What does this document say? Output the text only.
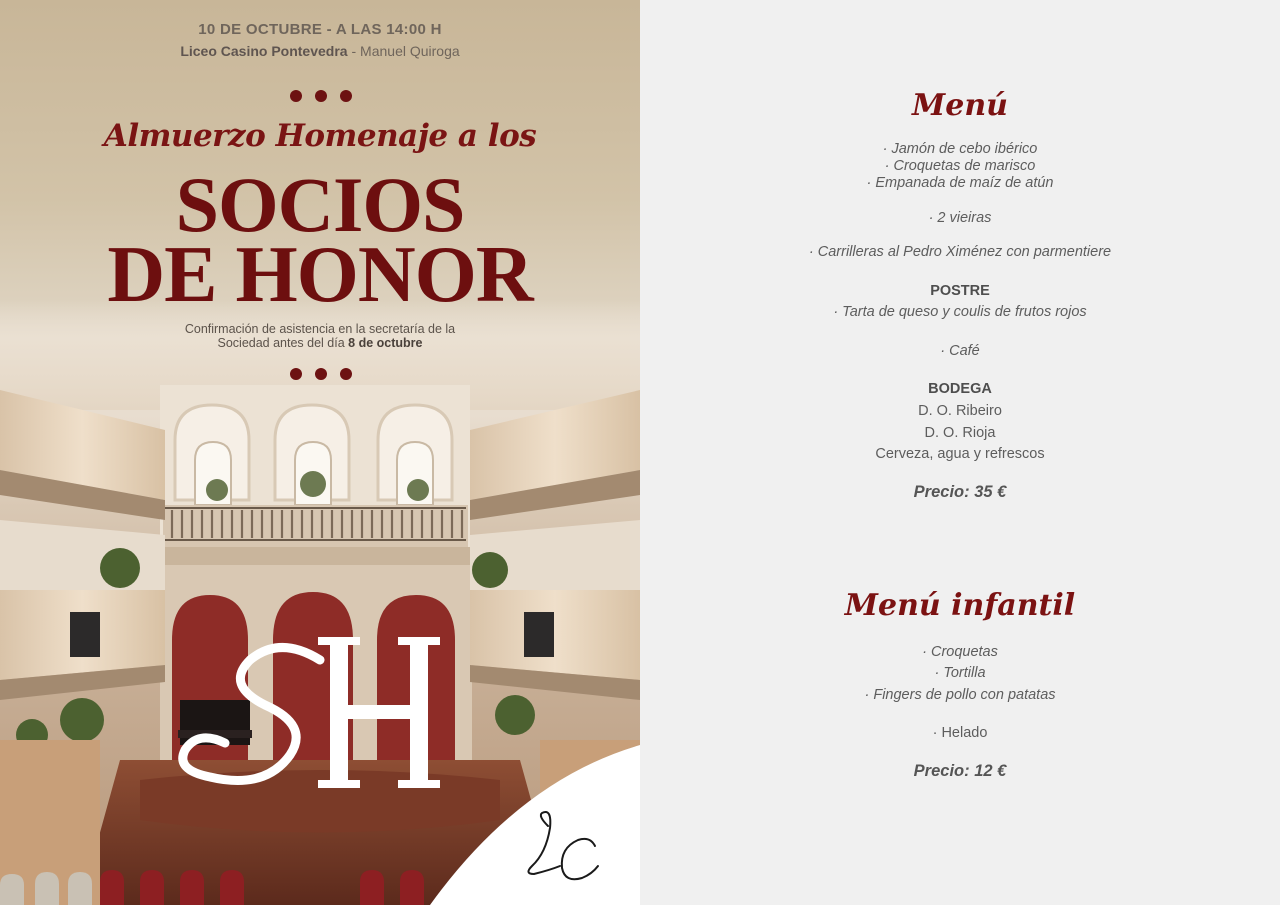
10 DE OCTUBRE - A LAS 14:00 H
Liceo Casino Pontevedra - Manuel Quiroga
Almuerzo Homenaje a los
SOCIOS
DE HONOR
Confirmación de asistencia en la secretaría de la
Sociedad antes del día 8 de octubre
Menú
· Jamón de cebo ibérico
· Croquetas de marisco
· Empanada de maíz de atún
· 2 vieiras
· Carrilleras al Pedro Ximénez con parmentiere
POSTRE
· Tarta de queso y coulis de frutos rojos
· Café
BODEGA
D. O. Ribeiro
D. O. Rioja
Cerveza, agua y refrescos
Precio: 35 €
Menú infantil
· Croquetas
· Tortilla
· Fingers de pollo con patatas
· Helado
Precio: 12 €
